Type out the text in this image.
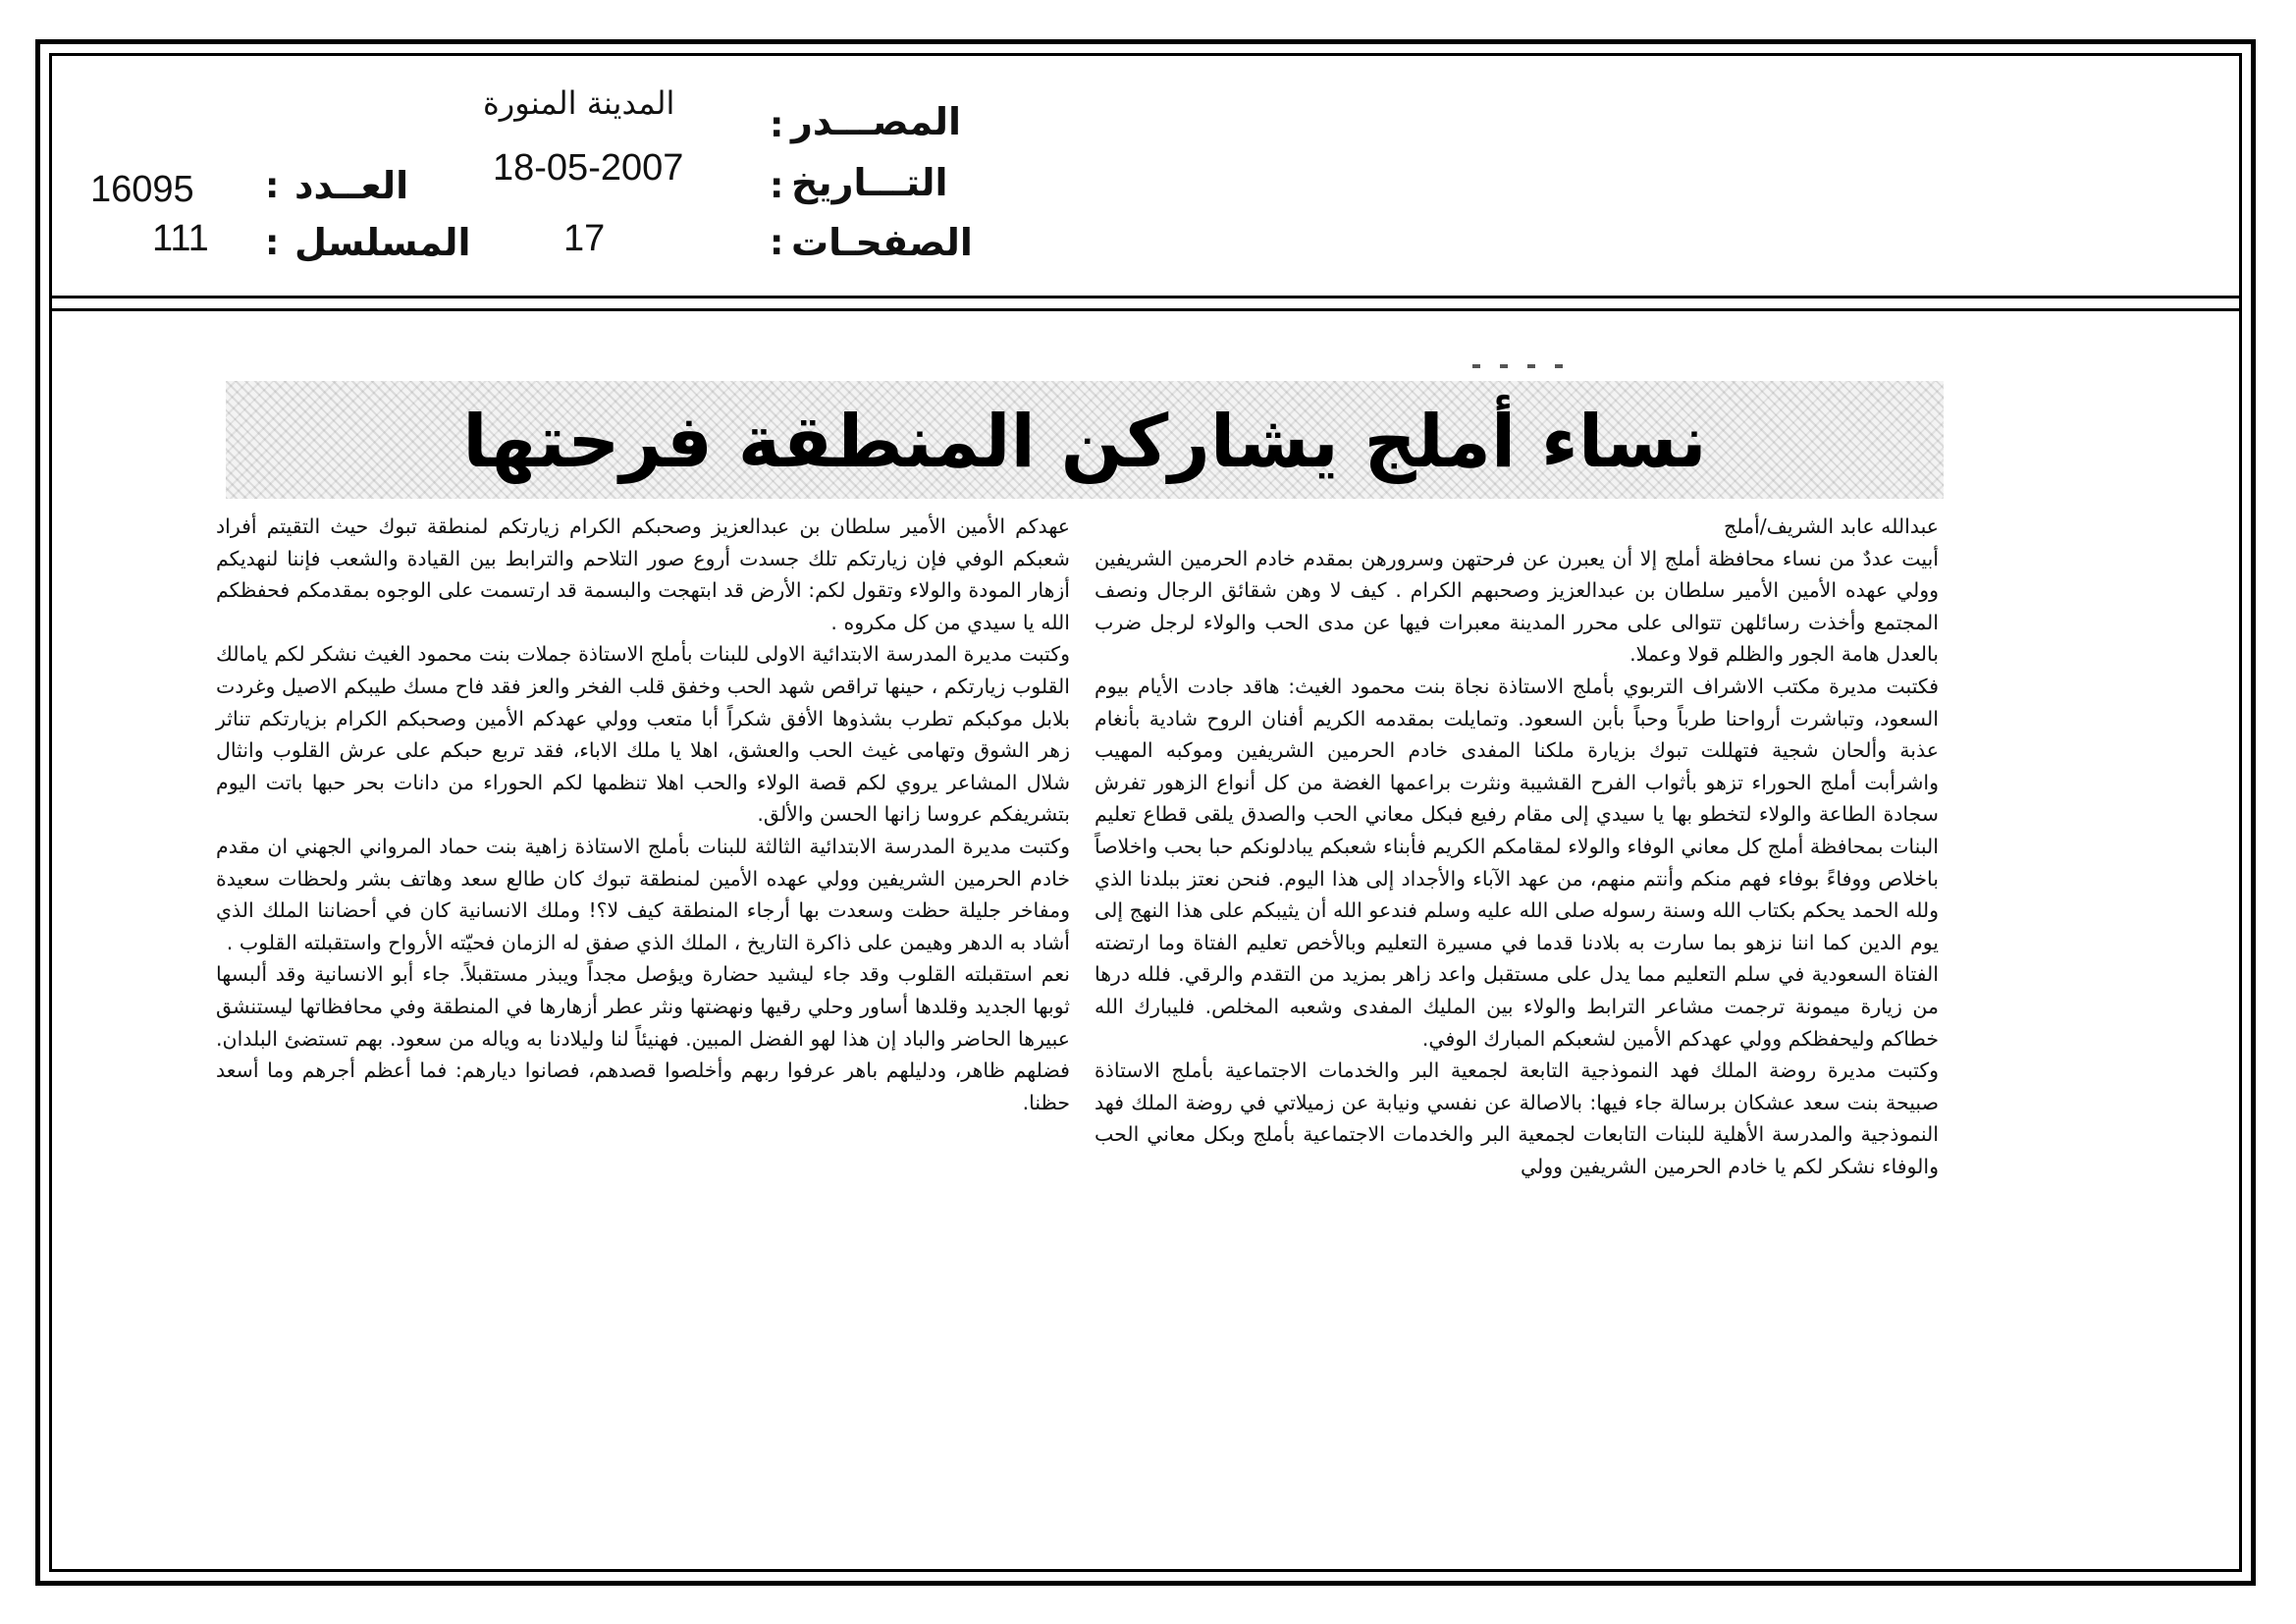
المصـــدر
:
المدينة المنورة
التـــاريخ
:
18-05-2007
الصفحـات
:
17
العــدد
:
16095
المسلسل
:
111
نساء أملج يشاركن المنطقة فرحتها

عبدالله عابد الشريف/أملج

أبيت عددٌ من نساء محافظة أملج إلا أن يعبرن عن فرحتهن وسرورهن بمقدم خادم الحرمين الشريفين وولي عهده الأمين الأمير سلطان بن عبدالعزيز وصحبهم الكرام . كيف لا وهن شقائق الرجال ونصف المجتمع وأخذت رسائلهن تتوالى على محرر المدينة معبرات فيها عن مدى الحب والولاء لرجل ضرب بالعدل هامة الجور والظلم قولا وعملا.

فكتبت مديرة مكتب الاشراف التربوي بأملج الاستاذة نجاة بنت محمود الغيث: هاقد جادت الأيام بيوم السعود، وتباشرت أرواحنا طرباً وحباً بأبن السعود. وتمايلت بمقدمه الكريم أفنان الروح شادية بأنغام عذبة وألحان شجية فتهللت تبوك بزيارة ملكنا المفدى خادم الحرمين الشريفين وموكبه المهيب واشرأبت أملج الحوراء تزهو بأثواب الفرح القشيبة ونثرت براعمها الغضة من كل أنواع الزهور تفرش سجادة الطاعة والولاء لتخطو بها يا سيدي إلى مقام رفيع فبكل معاني الحب والصدق يلقى قطاع تعليم البنات بمحافظة أملج كل معاني الوفاء والولاء لمقامكم الكريم فأبناء شعبكم يبادلونكم حبا بحب واخلاصاً باخلاص ووفاءً بوفاء فهم منكم وأنتم منهم، من عهد الآباء والأجداد إلى هذا اليوم. فنحن نعتز ببلدنا الذي ولله الحمد يحكم بكتاب الله وسنة رسوله صلى الله عليه وسلم فندعو الله أن يثيبكم على هذا النهج إلى يوم الدين كما اننا نزهو بما سارت به بلادنا قدما في مسيرة التعليم وبالأخص تعليم الفتاة وما ارتضته الفتاة السعودية في سلم التعليم مما يدل على مستقبل واعد زاهر بمزيد من التقدم والرقي. فلله درها من زيارة ميمونة ترجمت مشاعر الترابط والولاء بين المليك المفدى وشعبه المخلص. فليبارك الله خطاكم وليحفظكم وولي عهدكم الأمين لشعبكم المبارك الوفي.

وكتبت مديرة روضة الملك فهد النموذجية التابعة لجمعية البر والخدمات الاجتماعية بأملج الاستاذة صبيحة بنت سعد عشكان برسالة جاء فيها: بالاصالة عن نفسي ونيابة عن زميلاتي في روضة الملك فهد النموذجية والمدرسة الأهلية للبنات التابعات لجمعية البر والخدمات الاجتماعية بأملج وبكل معاني الحب والوفاء نشكر لكم يا خادم الحرمين الشريفين وولي

عهدكم الأمين الأمير سلطان بن عبدالعزيز وصحبكم الكرام زيارتكم لمنطقة تبوك حيث التقيتم أفراد شعبكم الوفي فإن زيارتكم تلك جسدت أروع صور التلاحم والترابط بين القيادة والشعب فإننا لنهديكم أزهار المودة والولاء وتقول لكم: الأرض قد ابتهجت والبسمة قد ارتسمت على الوجوه بمقدمكم فحفظكم الله يا سيدي من كل مكروه .

وكتبت مديرة المدرسة الابتدائية الاولى للبنات بأملج الاستاذة جملات بنت محمود الغيث نشكر لكم يامالك القلوب زيارتكم ، حينها تراقص شهد الحب وخفق قلب الفخر والعز فقد فاح مسك طيبكم الاصيل وغردت بلابل موكبكم تطرب بشذوها الأفق شكراً أبا متعب وولي عهدكم الأمين وصحبكم الكرام بزيارتكم تناثر زهر الشوق وتهامى غيث الحب والعشق، اهلا يا ملك الاباء، فقد تربع حبكم على عرش القلوب وانثال شلال المشاعر يروي لكم قصة الولاء والحب اهلا تنظمها لكم الحوراء من دانات بحر حبها باتت اليوم بتشريفكم عروسا زانها الحسن والألق.

وكتبت مديرة المدرسة الابتدائية الثالثة للبنات بأملج الاستاذة زاهية بنت حماد المرواني الجهني ان مقدم خادم الحرمين الشريفين وولي عهده الأمين لمنطقة تبوك كان طالع سعد وهاتف بشر ولحظات سعيدة ومفاخر جليلة حظت وسعدت بها أرجاء المنطقة كيف لا؟! وملك الانسانية كان في أحضاننا الملك الذي أشاد به الدهر وهيمن على ذاكرة التاريخ ، الملك الذي صفق له الزمان فحيّته الأرواح واستقبلته القلوب .

نعم استقبلته القلوب وقد جاء ليشيد حضارة ويؤصل مجداً ويبذر مستقبلاً. جاء أبو الانسانية وقد ألبسها ثوبها الجديد وقلدها أساور وحلي رقيها ونهضتها ونثر عطر أزهارها في المنطقة وفي محافظاتها ليستنشق عبيرها الحاضر والباد إن هذا لهو الفضل المبين. فهنيئاً لنا وليلادنا به وياله من سعود. بهم تستضئ البلدان. فضلهم ظاهر، ودليلهم باهر عرفوا ربهم وأخلصوا قصدهم، فصانوا ديارهم: فما أعظم أجرهم وما أسعد حظنا.
